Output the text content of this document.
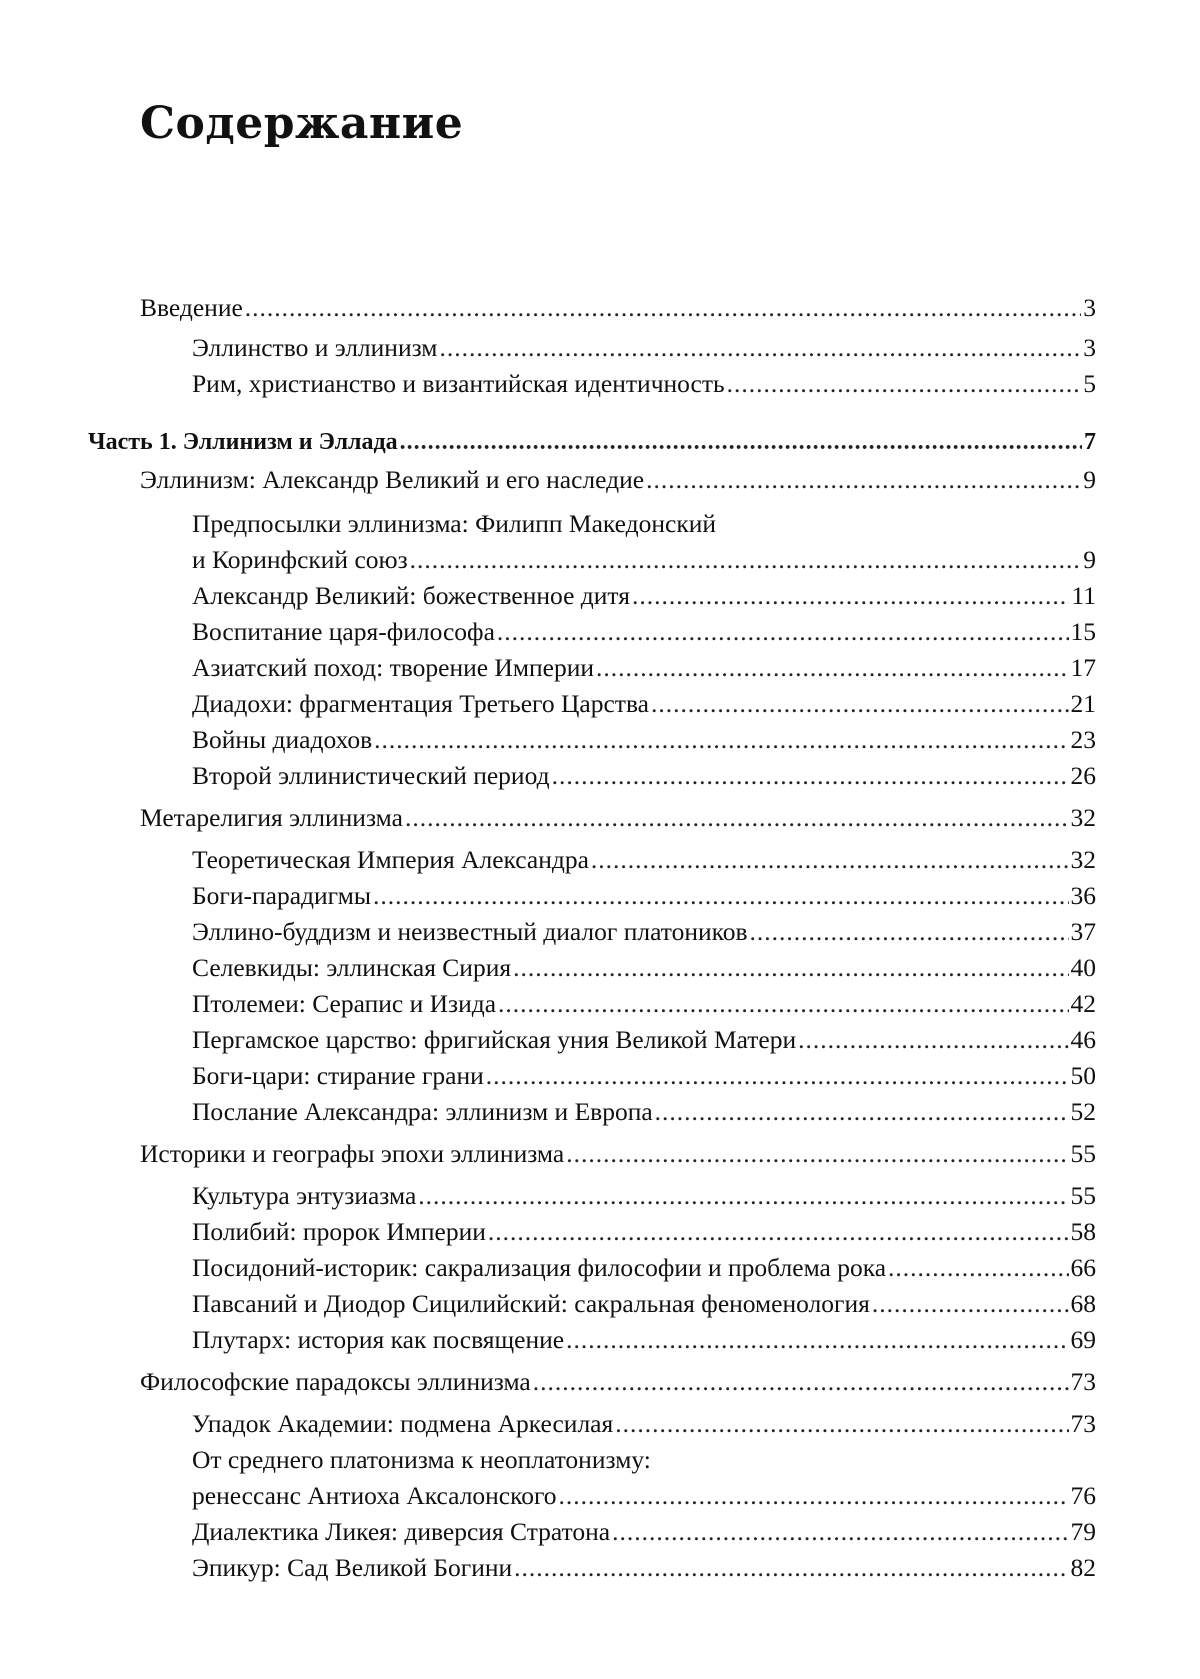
Содержание
Введение .....	3
Эллинство и эллинизм .....	3
Рим, христианство и византийская идентичность .....	5
Часть 1. Эллинизм и Эллада .....	7
Эллинизм: Александр Великий и его наследие .....	9
Предпосылки эллинизма: Филипп Македонский
и Коринфский союз .....	9
Александр Великий: божественное дитя .....	11
Воспитание царя-философа .....	15
Азиатский поход: творение Империи .....	17
Диадохи: фрагментация Третьего Царства .....	21
Войны диадохов .....	23
Второй эллинистический период .....	26
Метарелигия эллинизма .....	32
Теоретическая Империя Александра .....	32
Боги-парадигмы .....	36
Эллино-буддизм и неизвестный диалог платоников .....	37
Селевкиды: эллинская Сирия .....	40
Птолемеи: Серапис и Изида .....	42
Пергамское царство: фригийская уния Великой Матери .....	46
Боги-цари: стирание грани .....	50
Послание Александра: эллинизм и Европа .....	52
Историки и географы эпохи эллинизма .....	55
Культура энтузиазма .....	55
Полибий: пророк Империи .....	58
Посидоний-историк: сакрализация философии и проблема рока .....	66
Павсаний и Диодор Сицилийский: сакральная феноменология .....	68
Плутарх: история как посвящение .....	69
Философские парадоксы эллинизма .....	73
Упадок Академии: подмена Аркесилая .....	73
От среднего платонизма к неоплатонизму:
ренессанс Антиоха Аксалонского .....	76
Диалектика Ликея: диверсия Стратона .....	79
Эпикур: Сад Великой Богини .....	82
